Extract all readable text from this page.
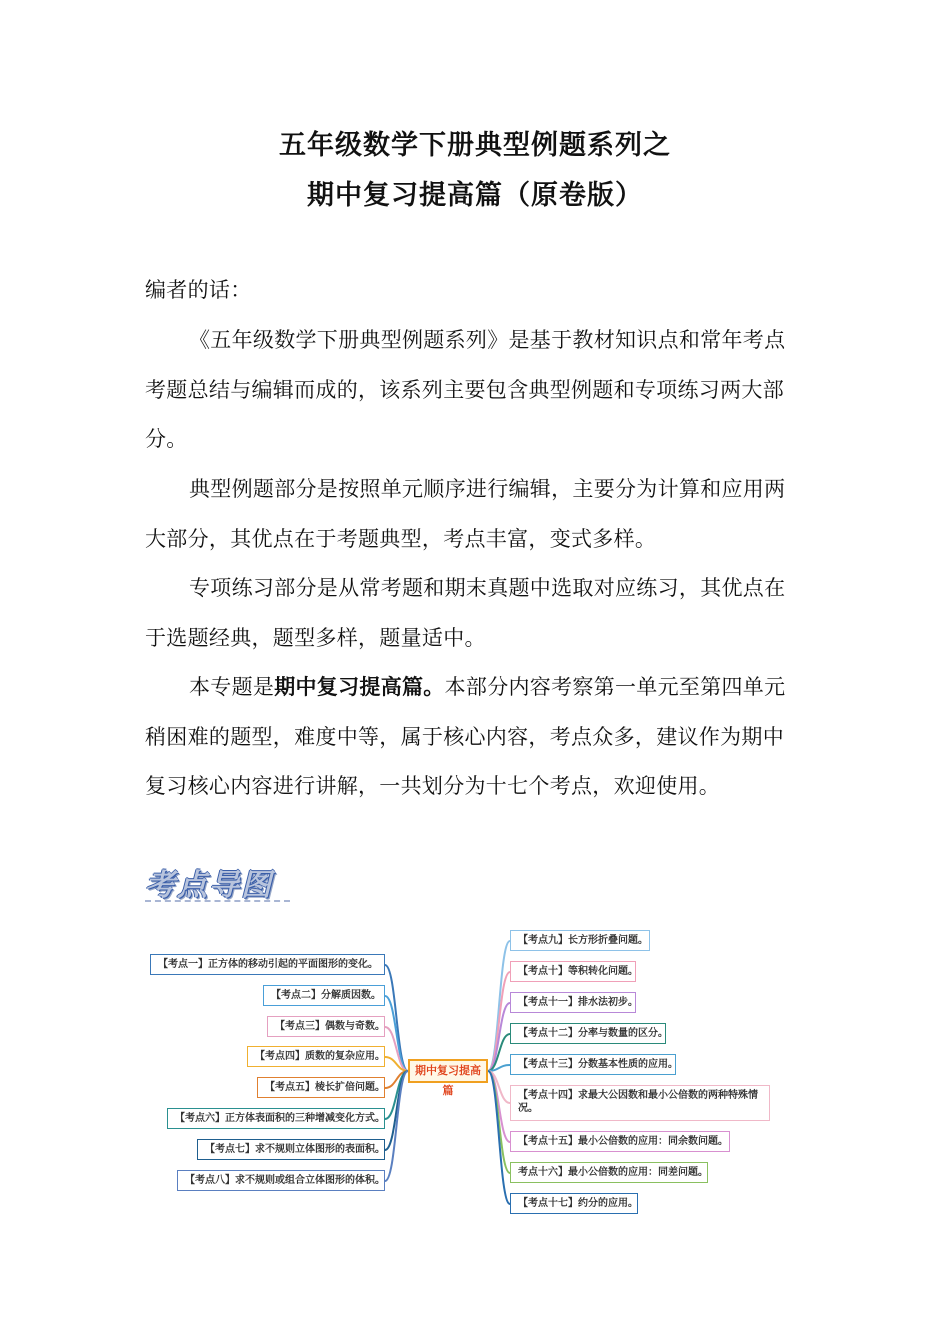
五年级数学下册典型例题系列之
期中复习提高篇（原卷版）
编者的话：
《五年级数学下册典型例题系列》是基于教材知识点和常年考点考题总结与编辑而成的，该系列主要包含典型例题和专项练习两大部分。
典型例题部分是按照单元顺序进行编辑，主要分为计算和应用两大部分，其优点在于考题典型，考点丰富，变式多样。
专项练习部分是从常考题和期末真题中选取对应练习，其优点在于选题经典，题型多样，题量适中。
本专题是期中复习提高篇。本部分内容考察第一单元至第四单元稍困难的题型，难度中等，属于核心内容，考点众多，建议作为期中复习核心内容进行讲解，一共划分为十七个考点，欢迎使用。
考点导图
【考点一】正方体的移动引起的平面图形的变化。
【考点二】分解质因数。
【考点三】偶数与奇数。
【考点四】质数的复杂应用。
【考点五】棱长扩倍问题。
【考点六】正方体表面积的三种增减变化方式。
【考点七】求不规则立体图形的表面积。
【考点八】求不规则或组合立体图形的体积。
【考点九】长方形折叠问题。
【考点十】等积转化问题。
【考点十一】排水法初步。
【考点十二】分率与数量的区分。
【考点十三】分数基本性质的应用。
【考点十四】求最大公因数和最小公倍数的两种特殊情况。
【考点十五】最小公倍数的应用：同余数问题。
考点十六】最小公倍数的应用：同差问题。
【考点十七】约分的应用。
期中复习提高篇
